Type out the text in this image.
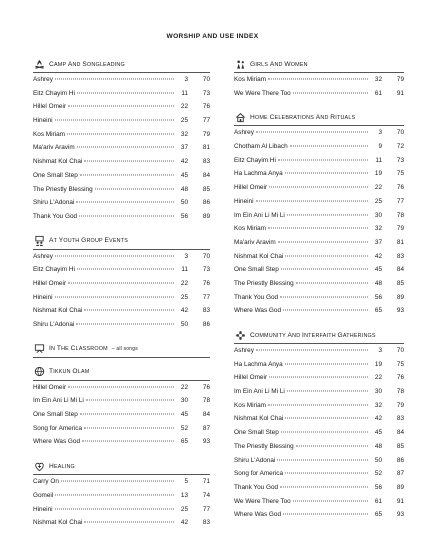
WORSHIP AND USE INDEX
CAMP AND SONGLEADING
Ashrey	3	70
Eitz Chayim Hi	11	73
Hillel Omeir	22	76
Hineini	25	77
Kos Miriam	32	79
Ma'ariv Aravim	37	81
Nishmat Kol Chai	42	83
One Small Step	45	84
The Priestly Blessing	48	85
Shiru L'Adonai	50	86
Thank You God	56	89
AT YOUTH GROUP EVENTS
Ashrey	3	70
Eitz Chayim Hi	11	73
Hillel Omeir	22	76
Hineini	25	77
Nishmat Kol Chai	42	83
Shiru L'Adonai	50	86
IN THE CLASSROOM – all songs
TIKKUN OLAM
Hillel Omeir	22	76
Im Ein Ani Li Mi Li	30	78
One Small Step	45	84
Song for America	52	87
Where Was God	65	93
HEALING
Carry On	5	71
Gomeil	13	74
Hineini	25	77
Nishmat Kol Chai	42	83
GIRLS AND WOMEN
Kos Miriam	32	79
We Were There Too	61	91
HOME CELEBRATIONS AND RITUALS
Ashrey	3	70
Chotham Al Libach	9	72
Eitz Chayim Hi	11	73
Ha Lachma Anya	19	75
Hillel Omeir	22	76
Hineini	25	77
Im Ein Ani Li Mi Li	30	78
Kos Miriam	32	79
Ma'ariv Aravim	37	81
Nishmat Kol Chai	42	83
One Small Step	45	84
The Priestly Blessing	48	85
Thank You God	56	89
Where Was God	65	93
COMMUNITY AND INTERFAITH GATHERINGS
Ashrey	3	70
Ha Lachma Anya	19	75
Hillel Omeir	22	76
Im Ein Ani Li Mi Li	30	78
Kos Miriam	32	79
Nishmat Kol Chai	42	83
One Small Step	45	84
The Priestly Blessing	48	85
Shiru L'Adonai	50	86
Song for America	52	87
Thank You God	56	89
We Were There Too	61	91
Where Was God	65	93
